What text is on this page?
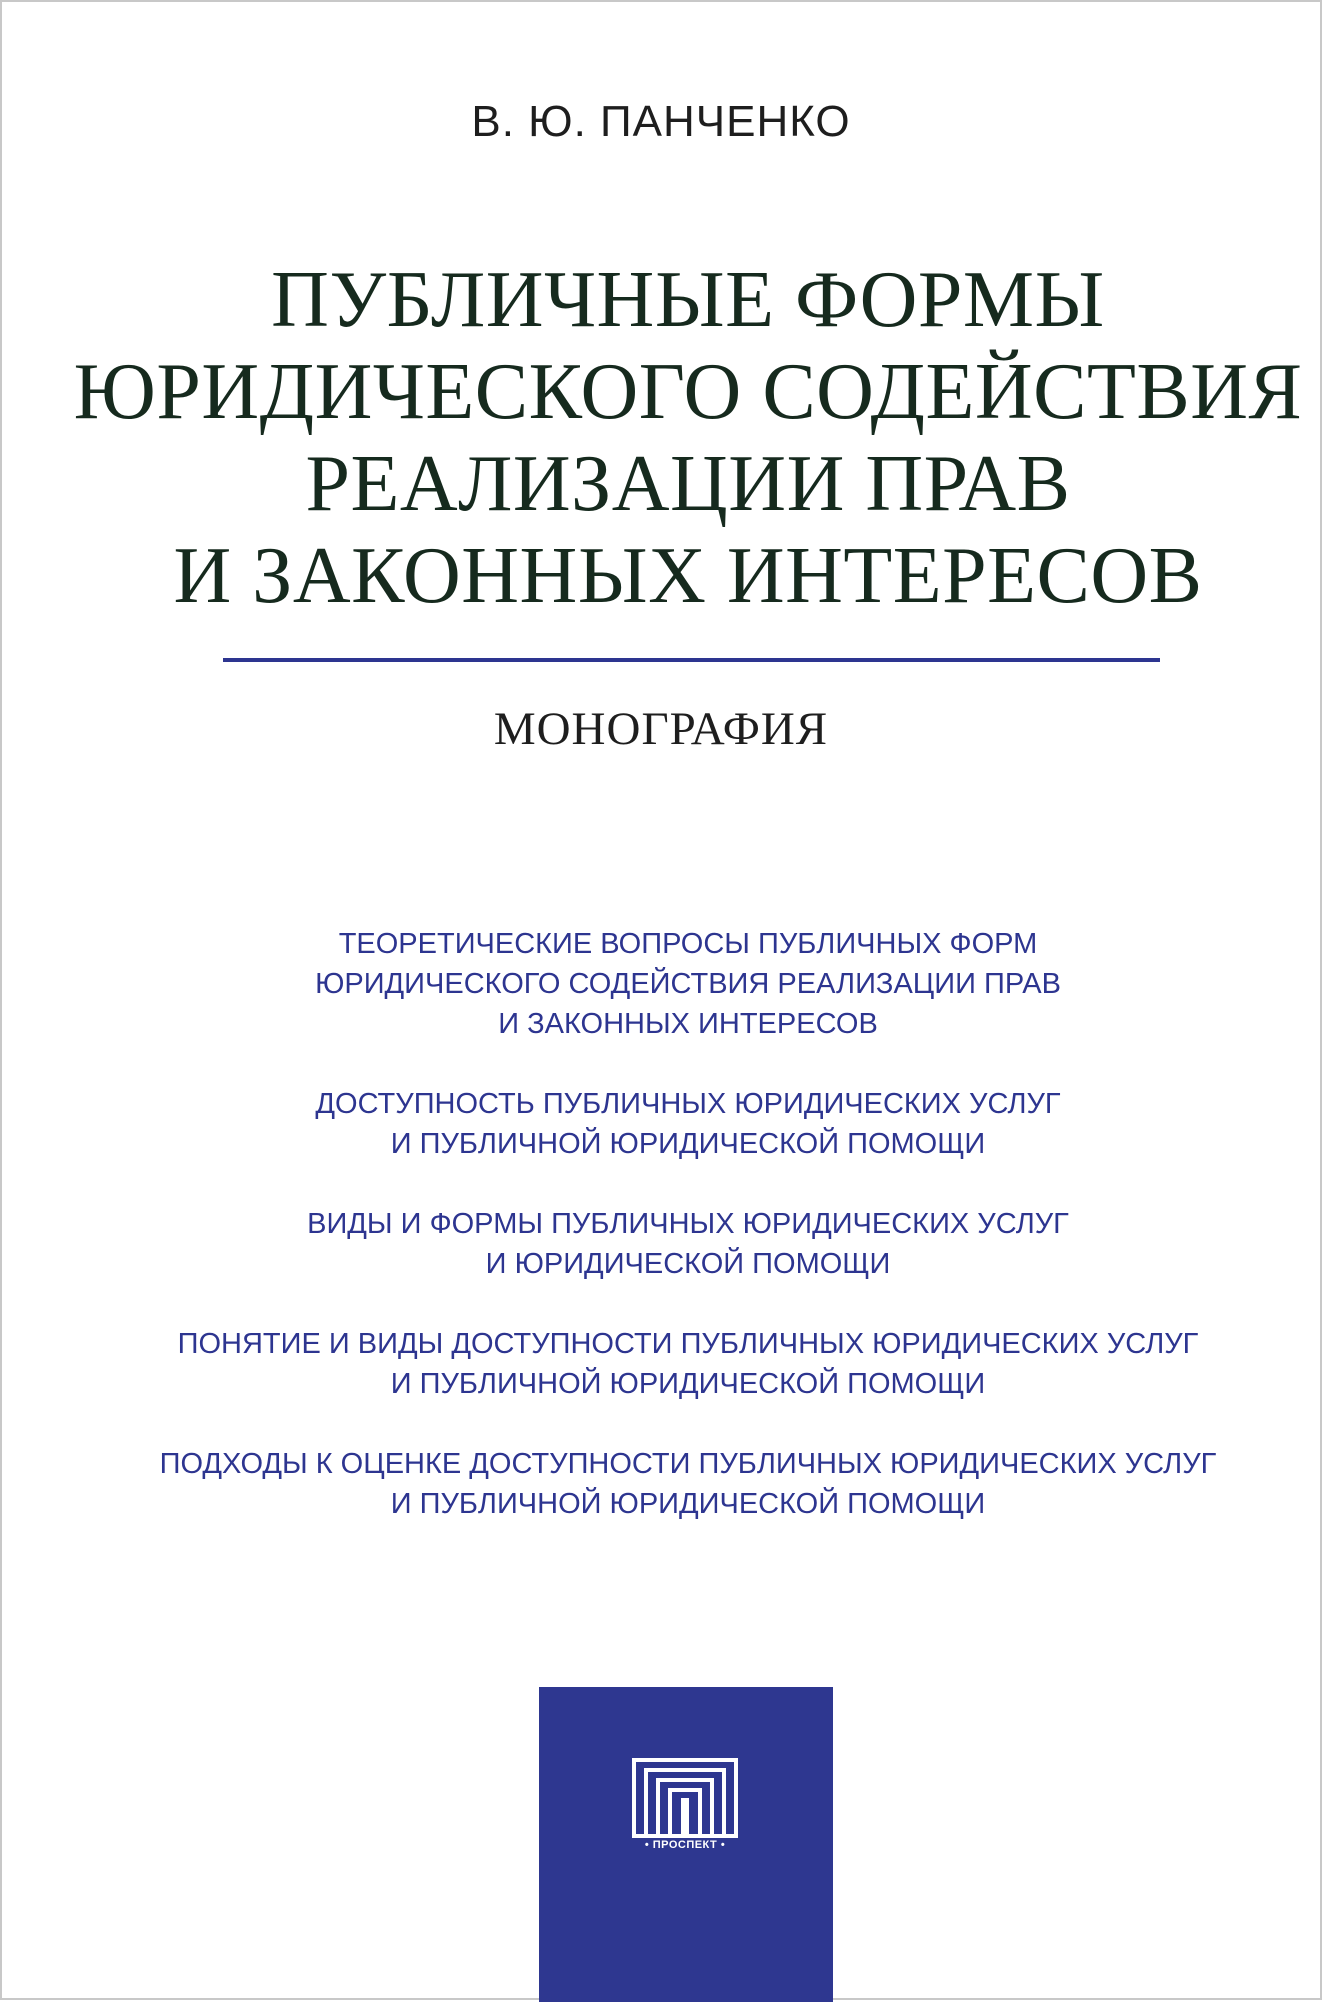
В. Ю. ПАНЧЕНКО
ПУБЛИЧНЫЕ ФОРМЫ
ЮРИДИЧЕСКОГО СОДЕЙСТВИЯ
РЕАЛИЗАЦИИ ПРАВ
И ЗАКОННЫХ ИНТЕРЕСОВ
МОНОГРАФИЯ
ТЕОРЕТИЧЕСКИЕ ВОПРОСЫ ПУБЛИЧНЫХ ФОРМ
ЮРИДИЧЕСКОГО СОДЕЙСТВИЯ РЕАЛИЗАЦИИ ПРАВ
И ЗАКОННЫХ ИНТЕРЕСОВ
ДОСТУПНОСТЬ ПУБЛИЧНЫХ ЮРИДИЧЕСКИХ УСЛУГ
И ПУБЛИЧНОЙ ЮРИДИЧЕСКОЙ ПОМОЩИ
ВИДЫ И ФОРМЫ ПУБЛИЧНЫХ ЮРИДИЧЕСКИХ УСЛУГ
И ЮРИДИЧЕСКОЙ ПОМОЩИ
ПОНЯТИЕ И ВИДЫ ДОСТУПНОСТИ ПУБЛИЧНЫХ ЮРИДИЧЕСКИХ УСЛУГ
И ПУБЛИЧНОЙ ЮРИДИЧЕСКОЙ ПОМОЩИ
ПОДХОДЫ К ОЦЕНКЕ ДОСТУПНОСТИ ПУБЛИЧНЫХ ЮРИДИЧЕСКИХ УСЛУГ
И ПУБЛИЧНОЙ ЮРИДИЧЕСКОЙ ПОМОЩИ
• ПРОСПЕКТ •
